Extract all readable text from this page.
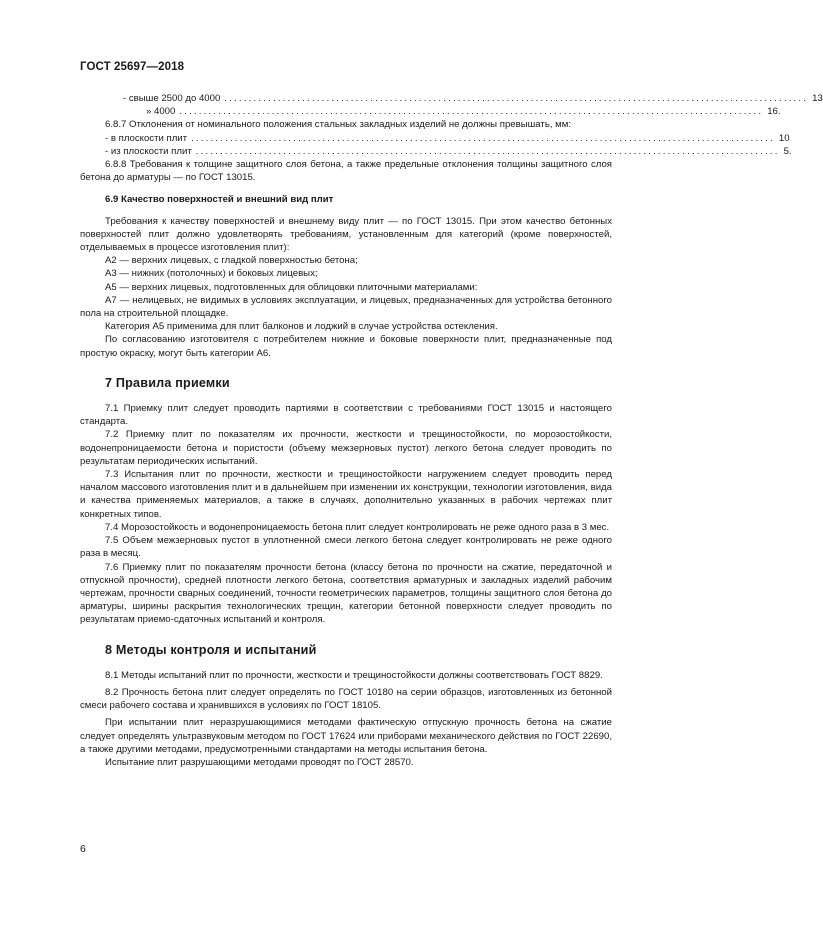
ГОСТ 25697—2018
- свыше 2500 до 4000 ........................................................................................................................ 13
» 4000 ........................................................................................................................ 16.

6.8.7 Отклонения от номинального положения стальных закладных изделий не должны превышать, мм:

- в плоскости плит ........................................................................................................................ 10
- из плоскости плит ........................................................................................................................ 5.

6.8.8 Требования к толщине защитного слоя бетона, а также предельные отклонения толщины защитного слоя бетона до арматуры — по ГОСТ 13015.

6.9 Качество поверхностей и внешний вид плит

Требования к качеству поверхностей и внешнему виду плит — по ГОСТ 13015. При этом качество бетонных поверхностей плит должно удовлетворять требованиям, установленным для категорий (кроме поверхностей, отделываемых в процессе изготовления плит):

А2 — верхних лицевых, с гладкой поверхностью бетона;

А3 — нижних (потолочных) и боковых лицевых;

А5 — верхних лицевых, подготовленных для облицовки плиточными материалами:

А7 — нелицевых, не видимых в условиях эксплуатации, и лицевых, предназначенных для устройства бетонного пола на строительной площадке.

Категория А5 применима для плит балконов и лоджий в случае устройства остекления.

По согласованию изготовителя с потребителем нижние и боковые поверхности плит, предназначенные под простую окраску, могут быть категории А6.

7 Правила приемки

7.1 Приемку плит следует проводить партиями в соответствии с требованиями ГОСТ 13015 и настоящего стандарта.

7.2 Приемку плит по показателям их прочности, жесткости и трещиностойкости, по морозостойкости, водонепроницаемости бетона и пористости (объему межзерновых пустот) легкого бетона следует проводить по результатам периодических испытаний.

7.3 Испытания плит по прочности, жесткости и трещиностойкости нагружением следует проводить перед началом массового изготовления плит и в дальнейшем при изменении их конструкции, технологии изготовления, вида и качества применяемых материалов, а также в случаях, дополнительно указанных в рабочих чертежах плит конкретных типов.

7.4 Морозостойкость и водонепроницаемость бетона плит следует контролировать не реже одного раза в 3 мес.

7.5 Объем межзерновых пустот в уплотненной смеси легкого бетона следует контролировать не реже одного раза в месяц.

7.6 Приемку плит по показателям прочности бетона (классу бетона по прочности на сжатие, передаточной и отпускной прочности), средней плотности легкого бетона, соответствия арматурных и закладных изделий рабочим чертежам, прочности сварных соединений, точности геометрических параметров, толщины защитного слоя бетона до арматуры, ширины раскрытия технологических трещин, категории бетонной поверхности следует проводить по результатам приемо-сдаточных испытаний и контроля.

8 Методы контроля и испытаний

8.1 Методы испытаний плит по прочности, жесткости и трещиностойкости должны соответствовать ГОСТ 8829.

8.2 Прочность бетона плит следует определять по ГОСТ 10180 на серии образцов, изготовленных из бетонной смеси рабочего состава и хранившихся в условиях по ГОСТ 18105.

При испытании плит неразрушающимися методами фактическую отпускную прочность бетона на сжатие следует определять ультразвуковым методом по ГОСТ 17624 или приборами механического действия по ГОСТ 22690, а также другими методами, предусмотренными стандартами на методы испытания бетона.

Испытание плит разрушающими методами проводят по ГОСТ 28570.

6
